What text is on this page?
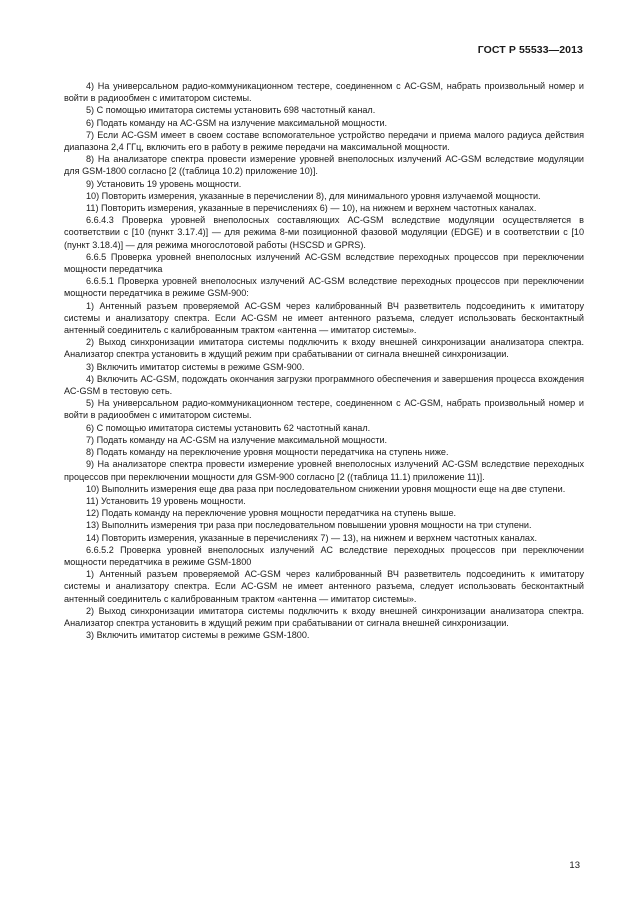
ГОСТ Р 55533—2013

4) На универсальном радио-коммуникационном тестере, соединенном с АС-GSM, набрать произвольный номер и войти в радиообмен с имитатором системы.

5) С помощью имитатора системы установить 698 частотный канал.

6) Подать команду на АС-GSM на излучение максимальной мощности.

7) Если АС-GSM имеет в своем составе вспомогательное устройство передачи и приема малого радиуса действия диапазона 2,4 ГГц, включить его в работу в режиме передачи на максимальной мощности.

8) На анализаторе спектра провести измерение уровней внеполосных излучений АС-GSM вследствие модуляции для GSM-1800 согласно [2 ((таблица 10.2) приложение 10)].

9) Установить 19 уровень мощности.

10) Повторить измерения, указанные в перечислении 8), для минимального уровня излучаемой мощности.

11) Повторить измерения, указанные в перечислениях 6) — 10), на нижнем и верхнем частотных каналах.

6.6.4.3 Проверка уровней внеполосных составляющих АС-GSM вследствие модуляции осуществляется в соответствии с [10 (пункт 3.17.4)] — для режима 8-ми позиционной фазовой модуляции (EDGE) и в соответствии с [10 (пункт 3.18.4)] — для режима многослотовой работы (HSCSD и GPRS).

6.6.5 Проверка уровней внеполосных излучений АС-GSM вследствие переходных процессов при переключении мощности передатчика

6.6.5.1 Проверка уровней внеполосных излучений АС-GSM вследствие переходных процессов при переключении мощности передатчика в режиме GSM-900:

1) Антенный разъем проверяемой АС-GSM через калиброванный ВЧ разветвитель подсоединить к имитатору системы и анализатору спектра. Если АС-GSM не имеет антенного разъема, следует использовать бесконтактный антенный соединитель с калиброванным трактом «антенна — имитатор системы».

2) Выход синхронизации имитатора системы подключить к входу внешней синхронизации анализатора спектра. Анализатор спектра установить в ждущий режим при срабатывании от сигнала внешней синхронизации.

3) Включить имитатор системы в режиме GSM-900.

4) Включить АС-GSM, подождать окончания загрузки программного обеспечения и завершения процесса вхождения АС-GSM в тестовую сеть.

5) На универсальном радио-коммуникационном тестере, соединенном с АС-GSM, набрать произвольный номер и войти в радиообмен с имитатором системы.

6) С помощью имитатора системы установить 62 частотный канал.

7) Подать команду на АС-GSM на излучение максимальной мощности.

8) Подать команду на переключение уровня мощности передатчика на ступень ниже.

9) На анализаторе спектра провести измерение уровней внеполосных излучений АС-GSM вследствие переходных процессов при переключении мощности для GSM-900 согласно [2 ((таблица 11.1) приложение 11)].

10) Выполнить измерения еще два раза при последовательном снижении уровня мощности еще на две ступени.

11) Установить 19 уровень мощности.

12) Подать команду на переключение уровня мощности передатчика на ступень выше.

13) Выполнить измерения три раза при последовательном повышении уровня мощности на три ступени.

14) Повторить измерения, указанные в перечислениях 7) — 13), на нижнем и верхнем частотных каналах.

6.6.5.2 Проверка уровней внеполосных излучений АС вследствие переходных процессов при переключении мощности передатчика в режиме GSM-1800

1) Антенный разъем проверяемой АС-GSM через калиброванный ВЧ разветвитель подсоединить к имитатору системы и анализатору спектра. Если АС-GSM не имеет антенного разъема, следует использовать бесконтактный антенный соединитель с калиброванным трактом «антенна — имитатор системы».

2) Выход синхронизации имитатора системы подключить к входу внешней синхронизации анализатора спектра. Анализатор спектра установить в ждущий режим при срабатывании от сигнала внешней синхронизации.

3) Включить имитатор системы в режиме GSM-1800.

13
